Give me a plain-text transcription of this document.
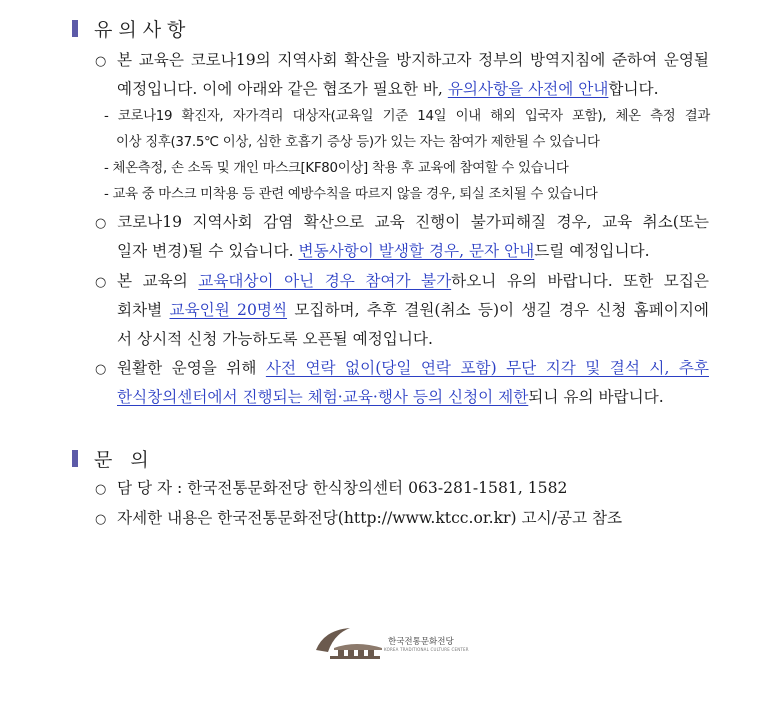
유의사항
○ 본 교육은 코로나19의 지역사회 확산을 방지하고자 정부의 방역지침에 준하여 운영될
예정입니다. 이에 아래와 같은 협조가 필요한 바, 유의사항을 사전에 안내합니다.
- 코로나19 확진자, 자가격리 대상자(교육일 기준 14일 이내 해외 입국자 포함), 체온 측정 결과
이상 징후(37.5℃ 이상, 심한 호흡기 증상 등)가 있는 자는 참여가 제한될 수 있습니다
- 체온측정, 손 소독 및 개인 마스크[KF80이상] 착용 후 교육에 참여할 수 있습니다
- 교육 중 마스크 미착용 등 관련 예방수칙을 따르지 않을 경우, 퇴실 조치될 수 있습니다
○ 코로나19 지역사회 감염 확산으로 교육 진행이 불가피해질 경우, 교육 취소(또는
일자 변경)될 수 있습니다. 변동사항이 발생할 경우, 문자 안내드릴 예정입니다.
○ 본 교육의 교육대상이 아닌 경우 참여가 불가하오니 유의 바랍니다. 또한 모집은
회차별 교육인원 20명씩 모집하며, 추후 결원(취소 등)이 생길 경우 신청 홈페이지에
서 상시적 신청 가능하도록 오픈될 예정입니다.
○ 원활한 운영을 위해 사전 연락 없이(당일 연락 포함) 무단 지각 및 결석 시, 추후
한식창의센터에서 진행되는 체험·교육·행사 등의 신청이 제한되니 유의 바랍니다.
문 의
○ 담 당 자 : 한국전통문화전당 한식창의센터 063-281-1581, 1582
○ 자세한 내용은 한국전통문화전당(http://www.ktcc.or.kr) 고시/공고 참조
한국전통문화전당
KOREA TRADITIONAL CULTURE CENTER
